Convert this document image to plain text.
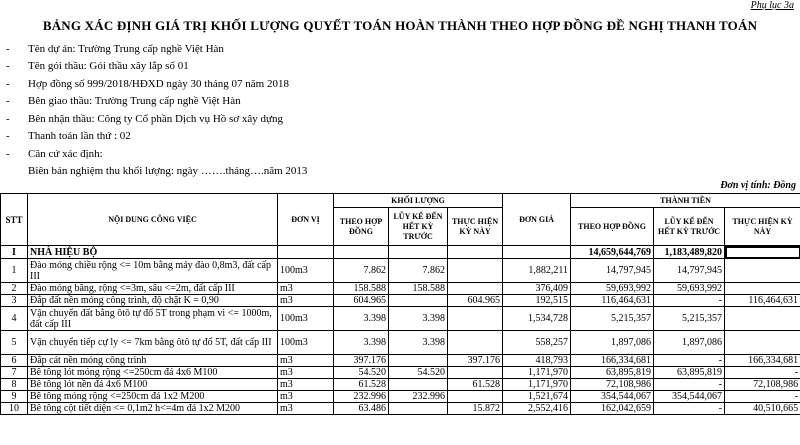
Phụ lục 3a
BẢNG XÁC ĐỊNH GIÁ TRỊ KHỐI LƯỢNG QUYẾT TOÁN HOÀN THÀNH THEO HỢP ĐỒNG ĐỀ NGHỊ THANH TOÁN
-	Tên dự án: Trường Trung cấp nghề Việt Hàn
-	Tên gói thầu: Gói thầu xây lắp số 01
-	Hợp đồng số 999/2018/HĐXD ngày 30 tháng 07 năm 2018
-	Bên giao thầu: Trường Trung cấp nghề Việt Hàn
-	Bên nhận thầu: Công ty Cổ phần Dịch vụ Hồ sơ xây dựng
-	Thanh toán lần thứ : 02
-	Căn cứ xác định:
Biên bản nghiệm thu khối lượng: ngày …….tháng….năm 2013
Đơn vị tính: Đồng
STT	NỘI DUNG CÔNG VIỆC	ĐƠN VỊ	KHỐI LƯỢNG			ĐƠN GIÁ	THÀNH TIỀN		
			THEO HỢP ĐỒNG	LŨY KẾ ĐẾN HẾT KỲ TRƯỚC	THỰC HIỆN KỲ NÀY		THEO HỢP ĐỒNG	LŨY KẾ ĐẾN HẾT KỲ TRƯỚC	THỰC HIỆN KỲ NÀY
I	NHÀ HIỆU BỘ						14,659,644,769	1,183,489,820	
1	Đào móng chiều rộng <= 10m bằng máy đào 0,8m3, đất cấp III	100m3	7.862	7.862		1,882,211	14,797,945	14,797,945	
2	Đào móng băng, rộng <=3m, sâu <=2m, đất cấp III	m3	158.588	158.588		376,409	59,693,992	59,693,992	
3	Đắp đất nền móng công trình, độ chặt K = 0,90	m3	604.965		604.965	192,515	116,464,631	-	116,464,631
4	Vận chuyển đất bằng ôtô tự đổ 5T trong phạm vi <= 1000m, đất cấp III	100m3	3.398	3.398		1,534,728	5,215,357	5,215,357	
5	Vận chuyển tiếp cự ly <= 7km bằng ôtô tự đổ 5T, đất cấp III	100m3	3.398	3.398		558,257	1,897,086	1,897,086	
6	Đắp cát nền móng công trình	m3	397.176		397.176	418,793	166,334,681	-	166,334,681
7	Bê tông lót móng rộng <=250cm đá 4x6 M100	m3	54.520	54.520		1,171,970	63,895,819	63,895,819	-
8	Bê tông lót nền đá 4x6 M100	m3	61.528		61.528	1,171,970	72,108,986	-	72,108,986
9	Bê tông móng rộng <=250cm đá 1x2 M200	m3	232.996	232.996		1,521,674	354,544,067	354,544,067	-
10	Bê tông cột tiết diện <= 0,1m2 h<=4m đá 1x2 M200	m3	63.486		15.872	2,552,416	162,042,659	-	40,510,665
